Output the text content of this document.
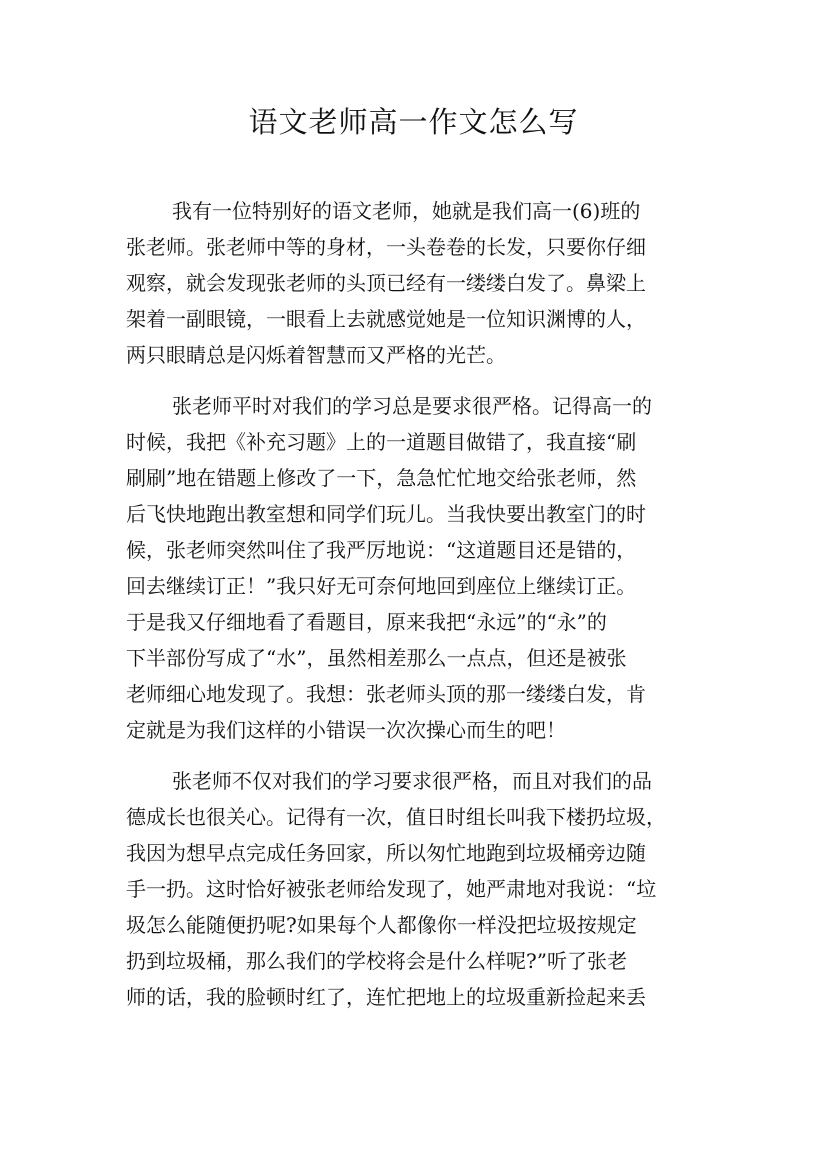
语文老师高一作文怎么写
我有一位特别好的语文老师，她就是我们高一(6)班的
张老师。张老师中等的身材，一头卷卷的长发，只要你仔细
观察，就会发现张老师的头顶已经有一缕缕白发了。鼻梁上
架着一副眼镜，一眼看上去就感觉她是一位知识渊博的人，
两只眼睛总是闪烁着智慧而又严格的光芒。
张老师平时对我们的学习总是要求很严格。记得高一的
时候，我把《补充习题》上的一道题目做错了，我直接“刷
刷刷”地在错题上修改了一下，急急忙忙地交给张老师，然
后飞快地跑出教室想和同学们玩儿。当我快要出教室门的时
候，张老师突然叫住了我严厉地说：“这道题目还是错的，
回去继续订正！”我只好无可奈何地回到座位上继续订正。
于是我又仔细地看了看题目，原来我把“永远”的“永”的
下半部份写成了“水”，虽然相差那么一点点，但还是被张
老师细心地发现了。我想：张老师头顶的那一缕缕白发，肯
定就是为我们这样的小错误一次次操心而生的吧！
张老师不仅对我们的学习要求很严格，而且对我们的品
德成长也很关心。记得有一次，值日时组长叫我下楼扔垃圾，
我因为想早点完成任务回家，所以匆忙地跑到垃圾桶旁边随
手一扔。这时恰好被张老师给发现了，她严肃地对我说：“垃
圾怎么能随便扔呢?如果每个人都像你一样没把垃圾按规定
扔到垃圾桶，那么我们的学校将会是什么样呢?”听了张老
师的话，我的脸顿时红了，连忙把地上的垃圾重新捡起来丢
